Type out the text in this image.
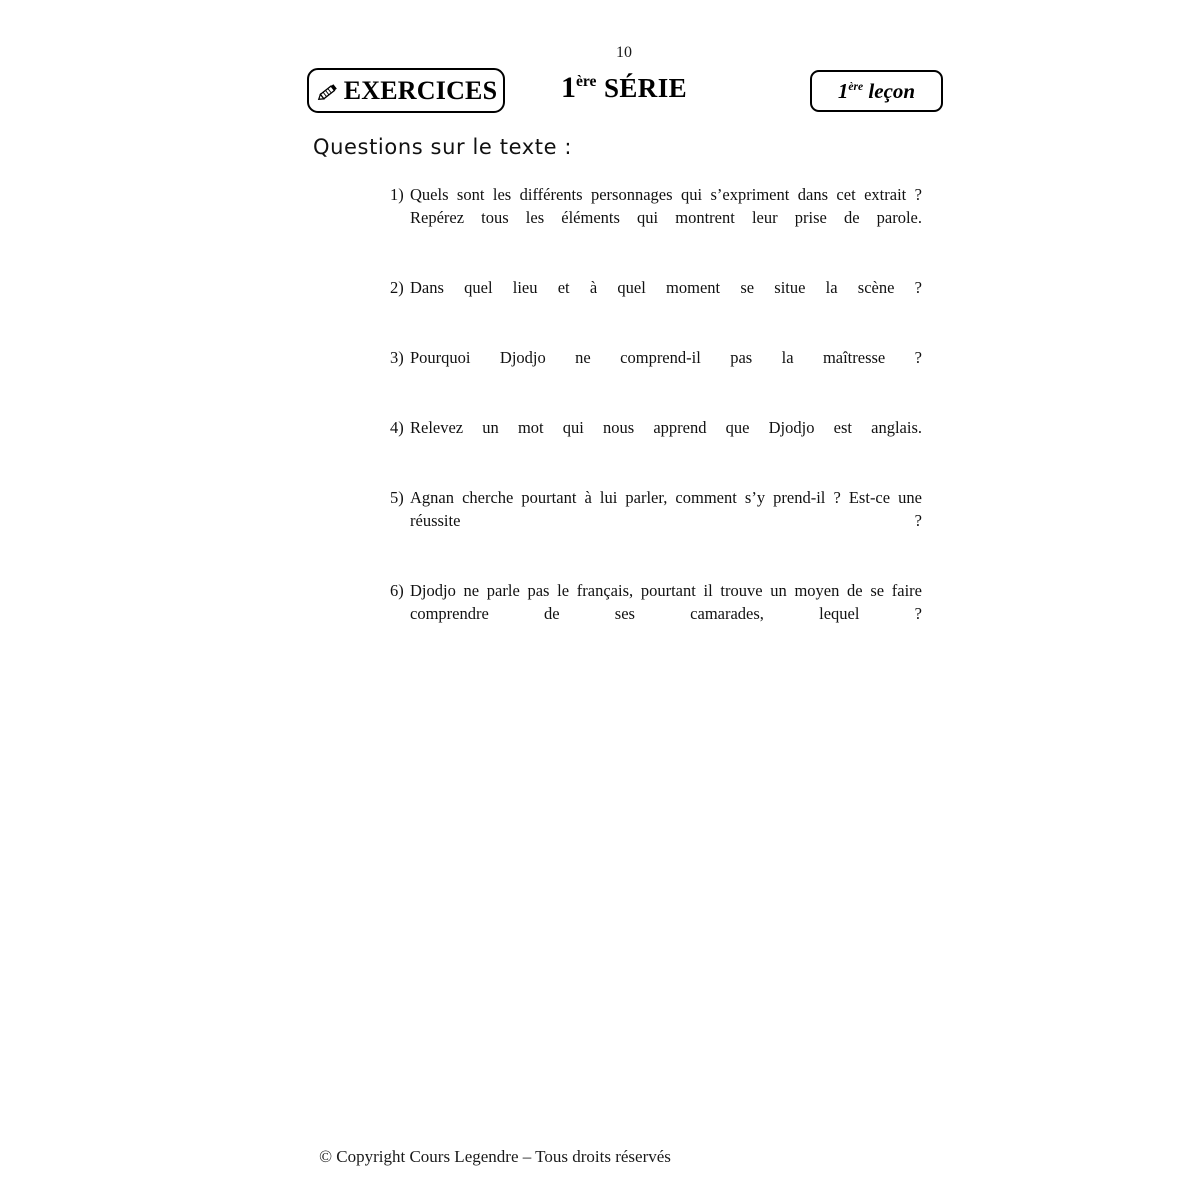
EXERCICES
10
1ère SÉRIE	1ère leçon
Questions sur le texte :
1) Quels sont les différents personnages qui s’expriment dans cet extrait ? Repérez tous les éléments qui montrent leur prise de parole.
2) Dans quel lieu et à quel moment se situe la scène ?
3) Pourquoi Djodjo ne comprend-il pas la maîtresse ?
4) Relevez un mot qui nous apprend que Djodjo est anglais.
5) Agnan cherche pourtant à lui parler, comment s’y prend-il ? Est-ce une réussite ?
6) Djodjo ne parle pas le français, pourtant il trouve un moyen de se faire comprendre de ses camarades, lequel ?
© Copyright Cours Legendre – Tous droits réservés
